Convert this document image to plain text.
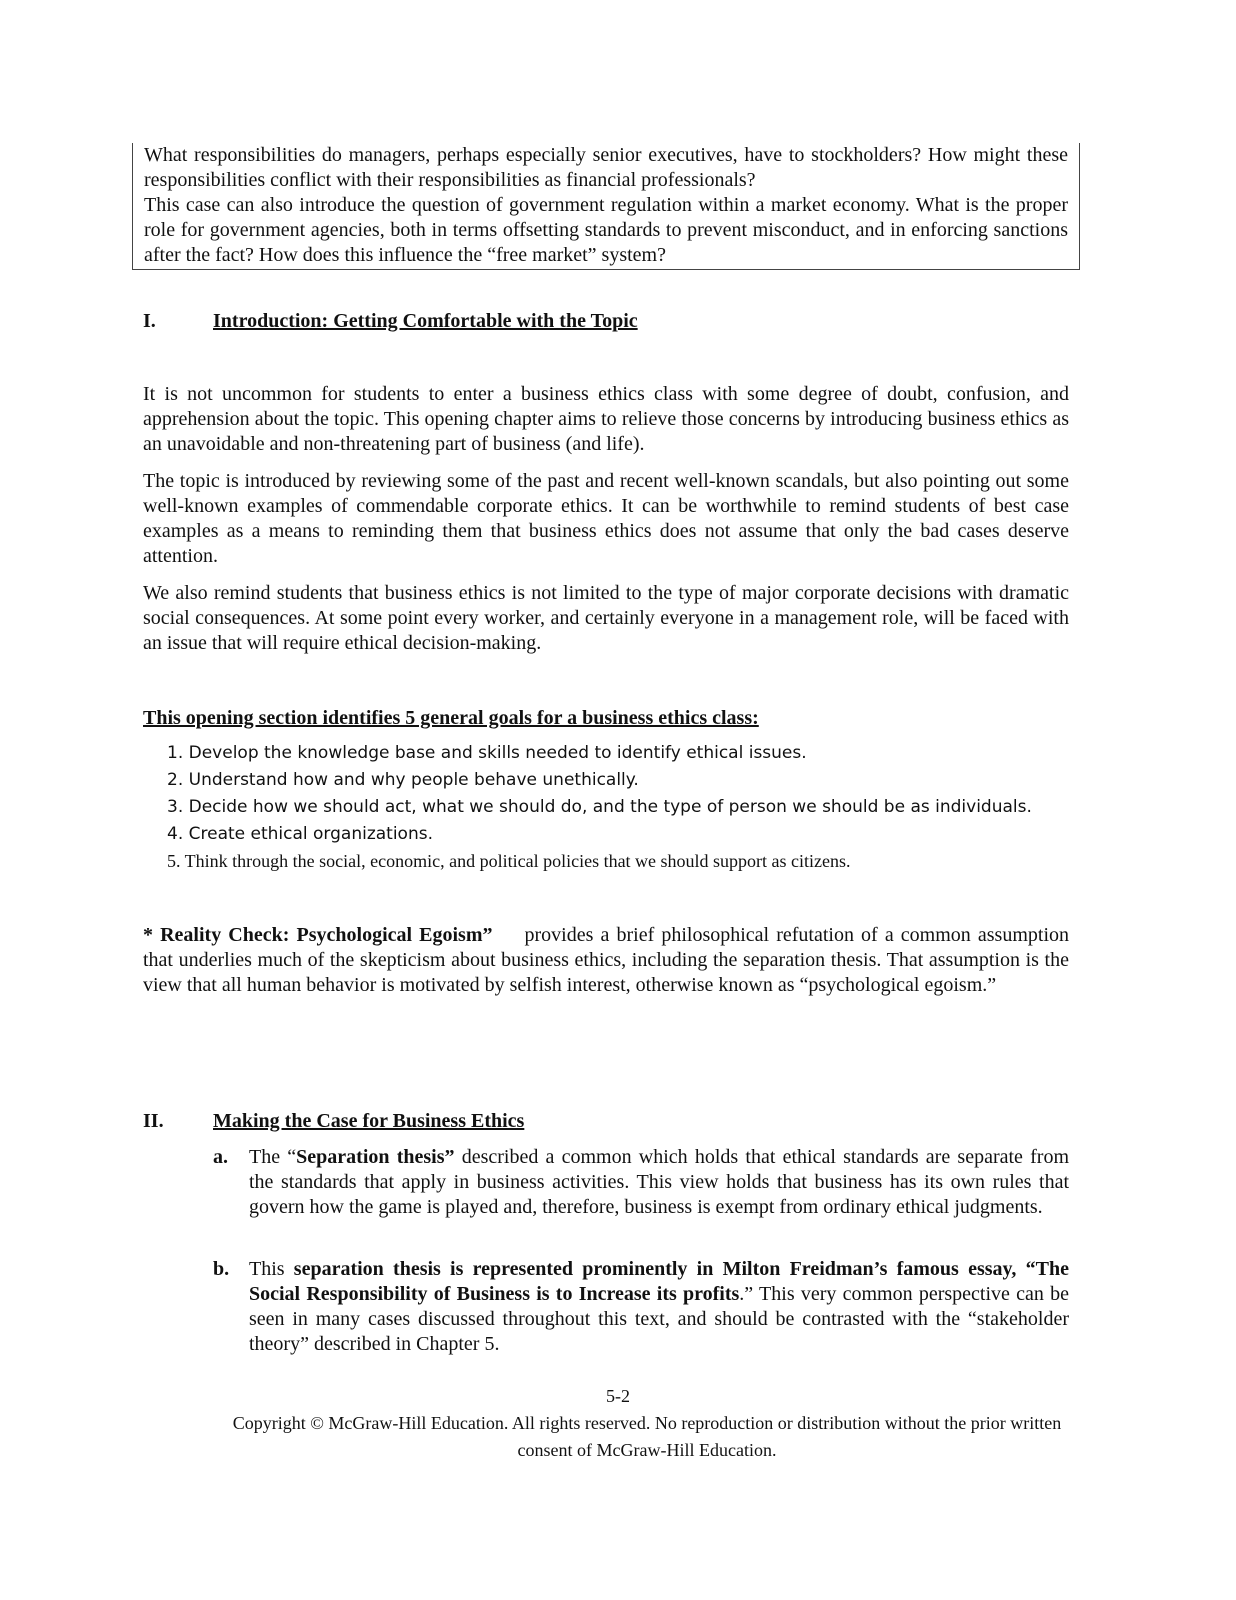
What responsibilities do managers, perhaps especially senior executives, have to stockholders? How might these responsibilities conflict with their responsibilities as financial professionals?

This case can also introduce the question of government regulation within a market economy. What is the proper role for government agencies, both in terms offsetting standards to prevent misconduct, and in enforcing sanctions after the fact? How does this influence the “free market” system?

I.	Introduction: Getting Comfortable with the Topic

It is not uncommon for students to enter a business ethics class with some degree of doubt, confusion, and apprehension about the topic. This opening chapter aims to relieve those concerns by introducing business ethics as an unavoidable and non-threatening part of business (and life).

The topic is introduced by reviewing some of the past and recent well-known scandals, but also pointing out some well-known examples of commendable corporate ethics. It can be worthwhile to remind students of best case examples as a means to reminding them that business ethics does not assume that only the bad cases deserve attention.

We also remind students that business ethics is not limited to the type of major corporate decisions with dramatic social consequences. At some point every worker, and certainly everyone in a management role, will be faced with an issue that will require ethical decision-making.

This opening section identifies 5 general goals for a business ethics class:
1. Develop the knowledge base and skills needed to identify ethical issues.
2. Understand how and why people behave unethically.
3. Decide how we should act, what we should do, and the type of person we should be as individuals.
4. Create ethical organizations.
5. Think through the social, economic, and political policies that we should support as citizens.

* Reality Check: Psychological Egoism” provides a brief philosophical refutation of a common assumption that underlies much of the skepticism about business ethics, including the separation thesis. That assumption is the view that all human behavior is motivated by selfish interest, otherwise known as “psychological egoism.”

II. Making the Case for Business Ethics
a. The “Separation thesis” described a common which holds that ethical standards are separate from the standards that apply in business activities. This view holds that business has its own rules that govern how the game is played and, therefore, business is exempt from ordinary ethical judgments.
b. This separation thesis is represented prominently in Milton Freidman’s famous essay, “The Social Responsibility of Business is to Increase its profits.” This very common perspective can be seen in many cases discussed throughout this text, and should be contrasted with the “stakeholder theory” described in Chapter 5.
5-2
Copyright © McGraw-Hill Education. All rights reserved. No reproduction or distribution without the prior written consent of McGraw-Hill Education.
